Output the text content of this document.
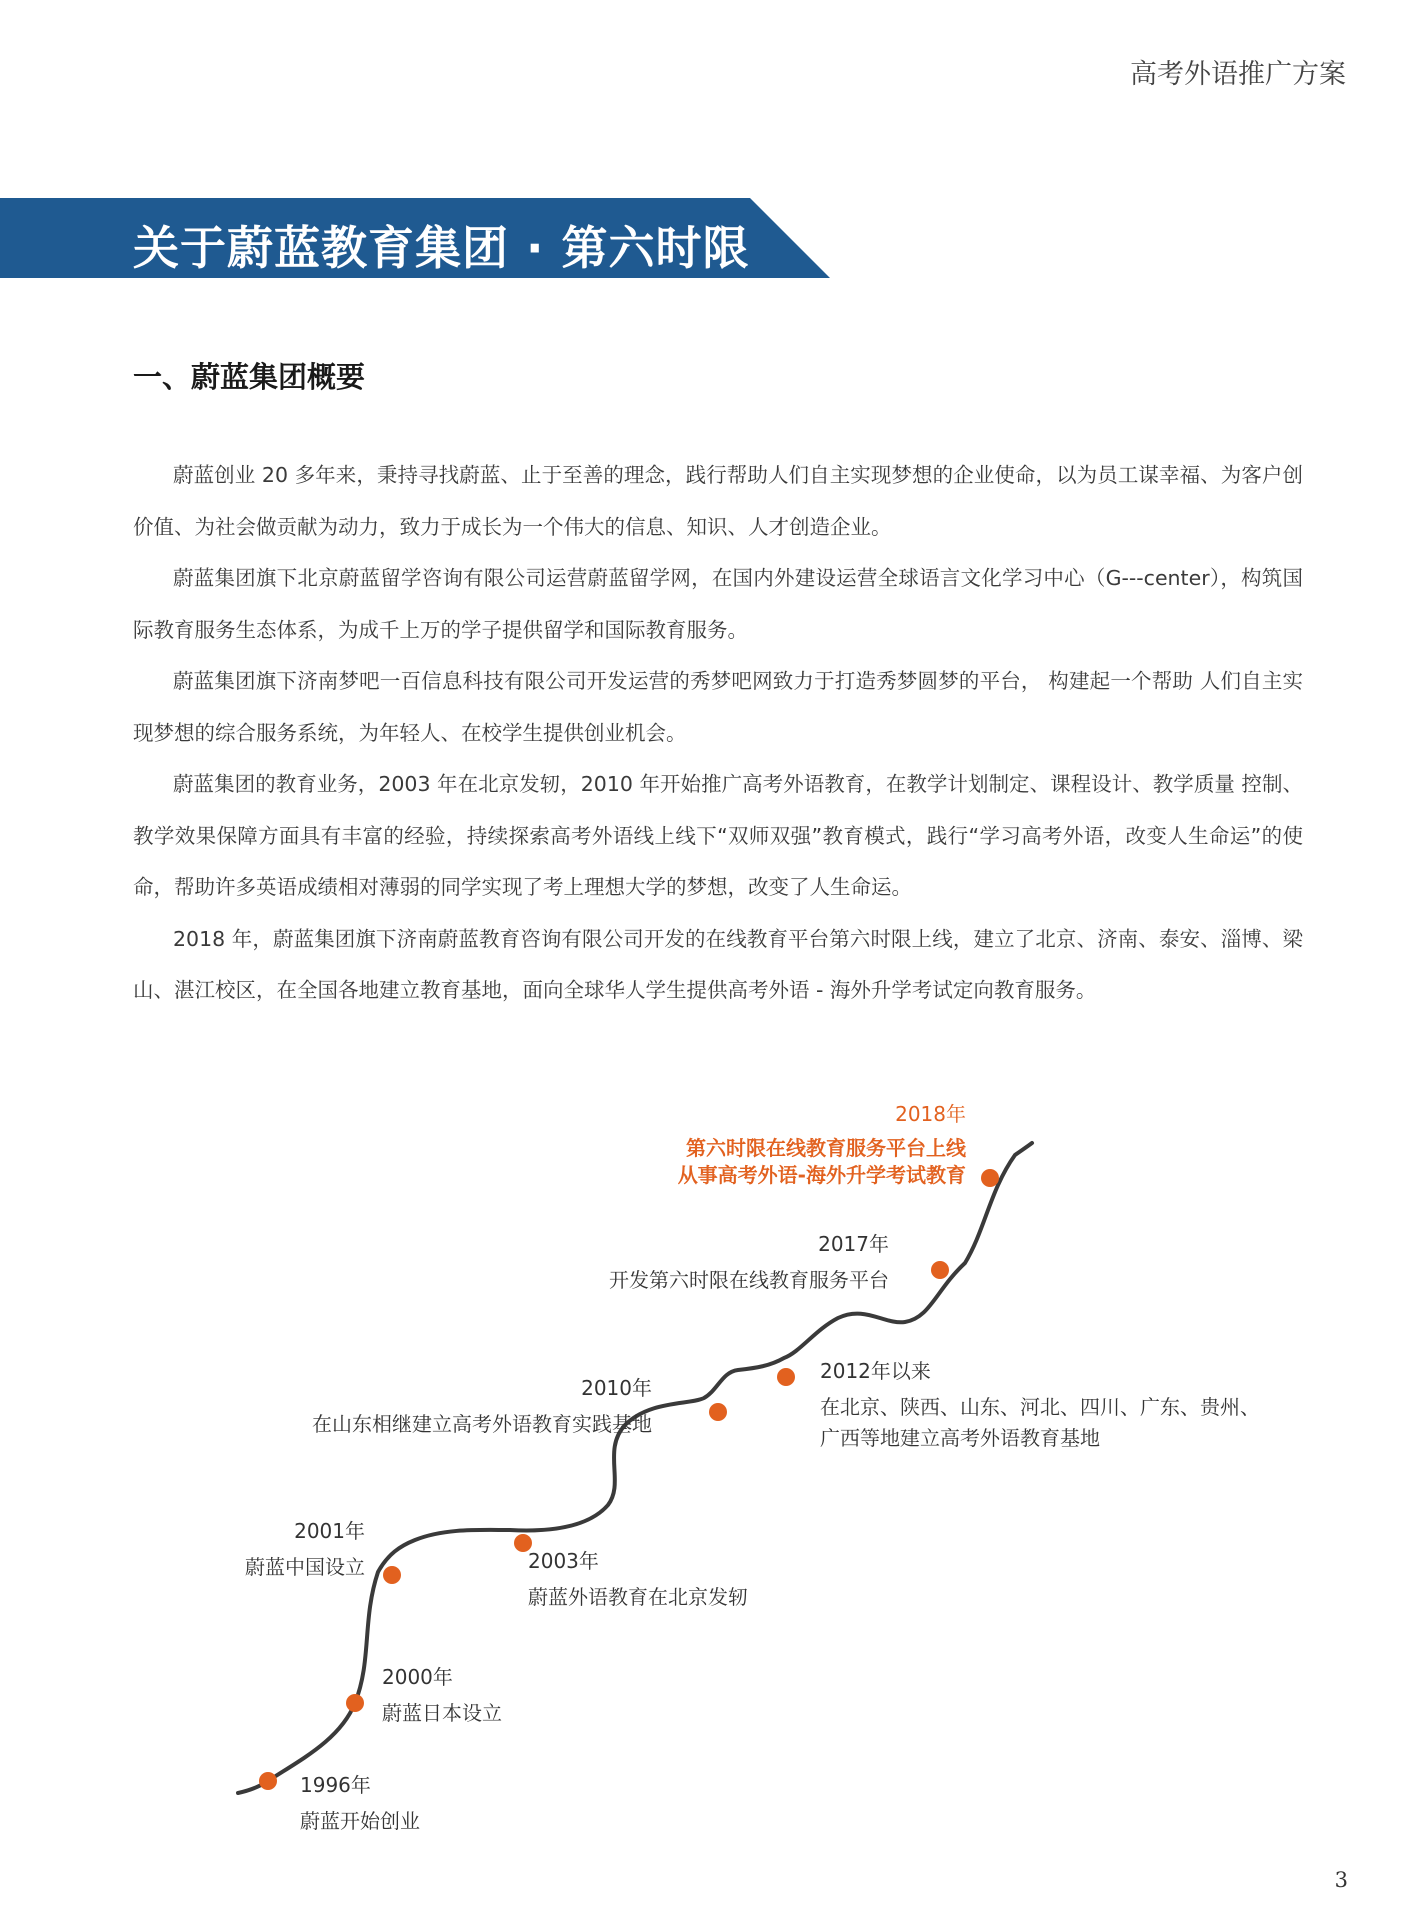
高考外语推广方案
关于蔚蓝教育集团 · 第六时限
一、蔚蓝集团概要

蔚蓝创业 20 多年来，秉持寻找蔚蓝、止于至善的理念，践行帮助人们自主实现梦想的企业使命，以为员工谋幸福、为客户创价值、为社会做贡献为动力，致力于成长为一个伟大的信息、知识、人才创造企业。

蔚蓝集团旗下北京蔚蓝留学咨询有限公司运营蔚蓝留学网，在国内外建设运营全球语言文化学习中心（G---center），构筑国际教育服务生态体系，为成千上万的学子提供留学和国际教育服务。

蔚蓝集团旗下济南梦吧一百信息科技有限公司开发运营的秀梦吧网致力于打造秀梦圆梦的平台， 构建起一个帮助 人们自主实现梦想的综合服务系统，为年轻人、在校学生提供创业机会。

蔚蓝集团的教育业务，2003 年在北京发轫，2010 年开始推广高考外语教育，在教学计划制定、课程设计、教学质量 控制、教学效果保障方面具有丰富的经验，持续探索高考外语线上线下“双师双强”教育模式，践行“学习高考外语，改变人生命运”的使命，帮助许多英语成绩相对薄弱的同学实现了考上理想大学的梦想，改变了人生命运。

2018 年，蔚蓝集团旗下济南蔚蓝教育咨询有限公司开发的在线教育平台第六时限上线，建立了北京、济南、泰安、淄博、梁山、湛江校区，在全国各地建立教育基地，面向全球华人学生提供高考外语 - 海外升学考试定向教育服务。

1996年
蔚蓝开始创业
2000年
蔚蓝日本设立
2001年
蔚蓝中国设立	2003年
蔚蓝外语教育在北京发轫
2010年
在山东相继建立高考外语教育实践基地
2012年以来
在北京、陕西、山东、河北、四川、广东、贵州、
广西等地建立高考外语教育基地
2017年
开发第六时限在线教育服务平台
2018年
第六时限在线教育服务平台上线
从事高考外语-海外升学考试教育
3
